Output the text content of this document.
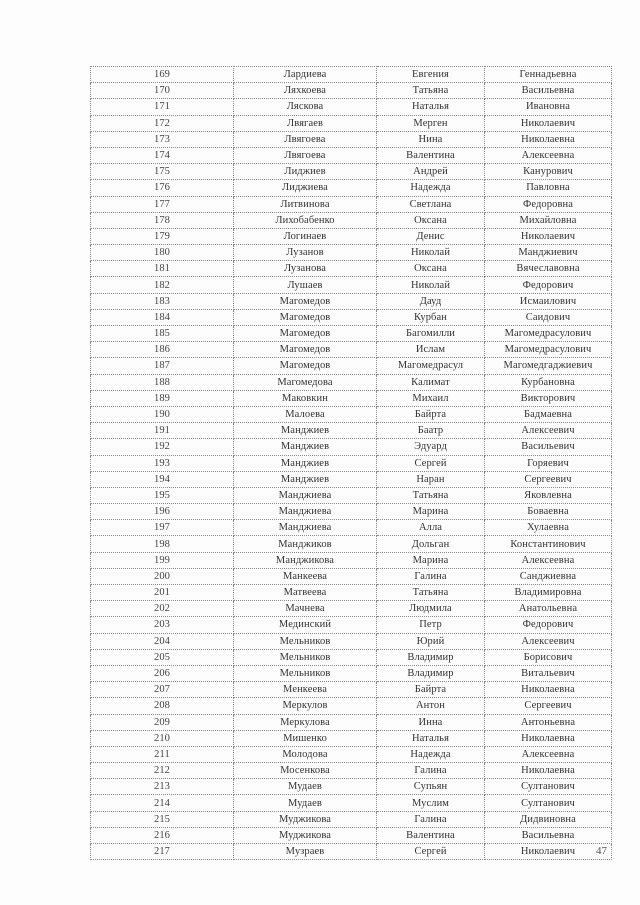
169	Лардиева	Евгения	Геннадьевна
170	Ляхкоева	Татьяна	Васильевна
171	Ляскова	Наталья	Ивановна
172	Лвягаев	Мерген	Николаевич
173	Лвягоева	Нина	Николаевна
174	Лвягоева	Валентина	Алексеевна
175	Лиджиев	Андрей	Канурович
176	Лиджиева	Надежда	Павловна
177	Литвинова	Светлана	Федоровна
178	Лихобабенко	Оксана	Михайловна
179	Логинаев	Денис	Николаевич
180	Лузанов	Николай	Манджиевич
181	Лузанова	Оксана	Вячеславовна
182	Лушаев	Николай	Федорович
183	Магомедов	Дауд	Исмаилович
184	Магомедов	Курбан	Саидович
185	Магомедов	Багомилли	Магомедрасулович
186	Магомедов	Ислам	Магомедрасулович
187	Магомедов	Магомедрасул	Магомедгаджиевич
188	Магомедова	Калимат	Курбановна
189	Маковкин	Михаил	Викторович
190	Малоева	Байрта	Бадмаевна
191	Манджиев	Баатр	Алексеевич
192	Манджиев	Эдуард	Васильевич
193	Манджиев	Сергей	Горяевич
194	Манджиев	Наран	Сергеевич
195	Манджиева	Татьяна	Яковлевна
196	Манджиева	Марина	Боваевна
197	Манджиева	Алла	Хулаевна
198	Манджиков	Дольган	Константинович
199	Манджикова	Марина	Алексеевна
200	Манкеева	Галина	Санджиевна
201	Матвеева	Татьяна	Владимировна
202	Мачнева	Людмила	Анатольевна
203	Мединский	Петр	Федорович
204	Мельников	Юрий	Алексеевич
205	Мельников	Владимир	Борисович
206	Мельников	Владимир	Витальевич
207	Менкеева	Байрта	Николаевна
208	Меркулов	Антон	Сергеевич
209	Меркулова	Инна	Антоньевна
210	Мишенко	Наталья	Николаевна
211	Молодова	Надежда	Алексеевна
212	Мосенкова	Галина	Николаевна
213	Мудаев	Супьян	Султанович
214	Мудаев	Муслим	Султанович
215	Муджикова	Галина	Дидвиновна
216	Муджикова	Валентина	Васильевна
217	Музраев	Сергей	Николаевич 47
